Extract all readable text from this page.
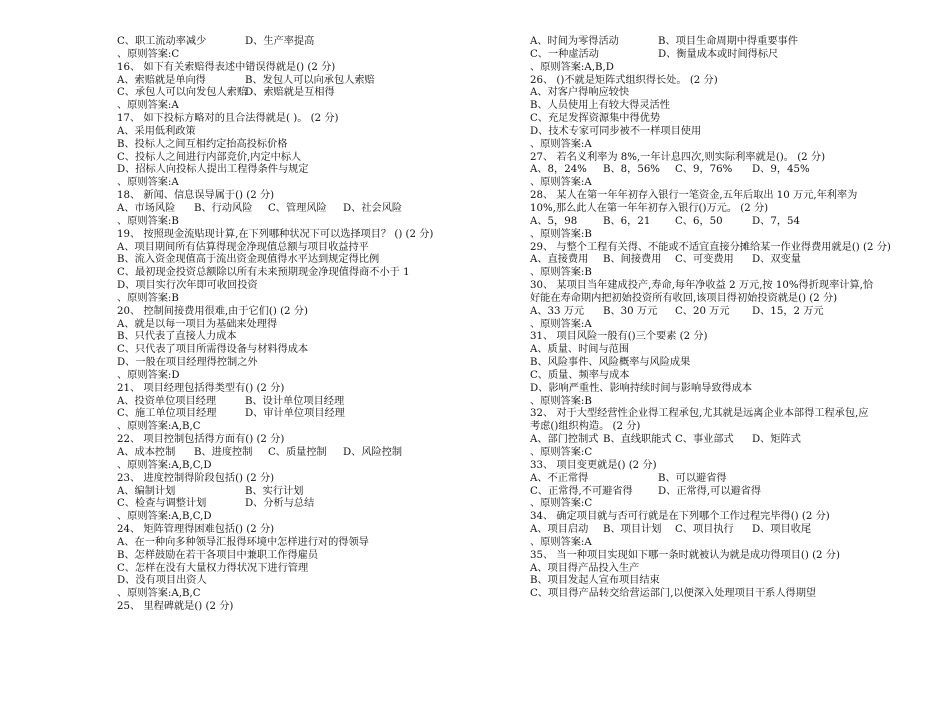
C、职工流动率减少	D、生产率提高
、原则答案:C
16、 如下有关索赔得表述中错误得就是() (2 分)
A、索赔就是单向得	B、发包人可以向承包人索赔
C、承包人可以向发包人索赔D、索赔就是互相得
、原则答案:A
17、 如下投标方略对的且合法得就是( )。 (2 分)
A、采用低利政策
B、投标人之间互相约定抬高投标价格
C、投标人之间进行内部竞价,内定中标人
D、招标人向投标人提出工程得条件与规定
、原则答案:A
18、 新闻、信息误导属于() (2 分)
A、市场风险 B、行动风险 C、管理风险 D、社会风险
、原则答案:B
19、 按照现金流贴现计算,在下列哪种状况下可以选择项目？ () (2 分)
A、项目期间所有估算得现金净现值总额与项目收益持平
B、流入资金现值高于流出资金现值得水平达到规定得比例
C、最初现金投资总额除以所有未来预期现金净现值得商不小于 1
D、项目实行次年即可收回投资
、原则答案:B
20、 控制间接费用很难,由于它们() (2 分)
A、就是以每一项目为基础来处理得
B、只代表了直接人力成本
C、只代表了项目所需得设备与材料得成本
D、一般在项目经理得控制之外
、原则答案:D
21、 项目经理包括得类型有() (2 分)
A、投资单位项目经理	B、设计单位项目经理
C、施工单位项目经理	D、审计单位项目经理
、原则答案:A,B,C
22、 项目控制包括得方面有() (2 分)
A、成本控制 B、进度控制 C、质量控制 D、风险控制
、原则答案:A,B,C,D
23、 进度控制得阶段包括() (2 分)
A、编制计划	B、实行计划
C、检查与调整计划	D、分析与总结
、原则答案:A,B,C,D
24、 矩阵管理得困难包括() (2 分)
A、在一种向多种领导汇报得环境中怎样进行对的得领导
B、怎样鼓励在若干各项目中兼职工作得雇员
C、怎样在没有大量权力得状况下进行管理
D、没有项目出资人
、原则答案:A,B,C
25、 里程碑就是() (2 分)
A、时间为零得活动	B、项目生命周期中得重要事件
C、一种虚活动	D、衡量成本或时间得标尺
、原则答案:A,B,D
26、 ()不就是矩阵式组织得长处。 (2 分)
A、对客户得响应较快
B、人员使用上有较大得灵活性
C、充足发挥资源集中得优势
D、技术专家可同步被不一样项目使用
、原则答案:A
27、 若名义利率为 8%,一年计息四次,则实际利率就是()。 (2 分)
A、8，24% B、8，56% C、9，76% D、9，45%
、原则答案:A
28、 某人在第一年年初存入银行一笔资金,五年后取出 10 万元,年利率为 10%,那么此人在第一年年初存入银行()万元。 (2 分)
A、5，98	B、6，21 C、6，50	D、7，54
、原则答案:B
29、 与整个工程有关得、不能或不适宜直接分摊给某一作业得费用就是() (2 分)
A、直接费用 B、间接费用 C、可变费用 D、双变量
、原则答案:B
30、 某项目当年建成投产,寿命,每年净收益 2 万元,按 10%得折现率计算,恰好能在寿命期内把初始投资所有收回,该项目得初始投资就是() (2 分)
A、33 万元 B、30 万元 C、20 万元 D、15，2 万元
、原则答案:A
31、 项目风险一般有()三个要素 (2 分)
A、质量、时间与范围
B、风险事件、风险概率与风险成果
C、质量、频率与成本
D、影响严重性、影响持续时间与影响导致得成本
、原则答案:B
32、 对于大型经营性企业得工程承包,尤其就是远离企业本部得工程承包,应考虑()组织构造。 (2 分)
A、部门控制式 B、直线职能式 C、事业部式 D、矩阵式
、原则答案:C
33、 项目变更就是() (2 分)
A、不正常得	B、可以避省得
C、正常得,不可避省得 D、正常得,可以避省得
、原则答案:C
34、 确定项目就与否可行就是在下列哪个工作过程完毕得() (2 分)
A、项目启动 B、项目计划 C、项目执行 D、项目收尾
、原则答案:A
35、 当一种项目实现如下哪一条时就被认为就是成功得项目() (2 分)
A、项目得产品投入生产
B、项目发起人宣布项目结束
C、项目得产品转交给营运部门,以便深入处理项目干系人得期望
